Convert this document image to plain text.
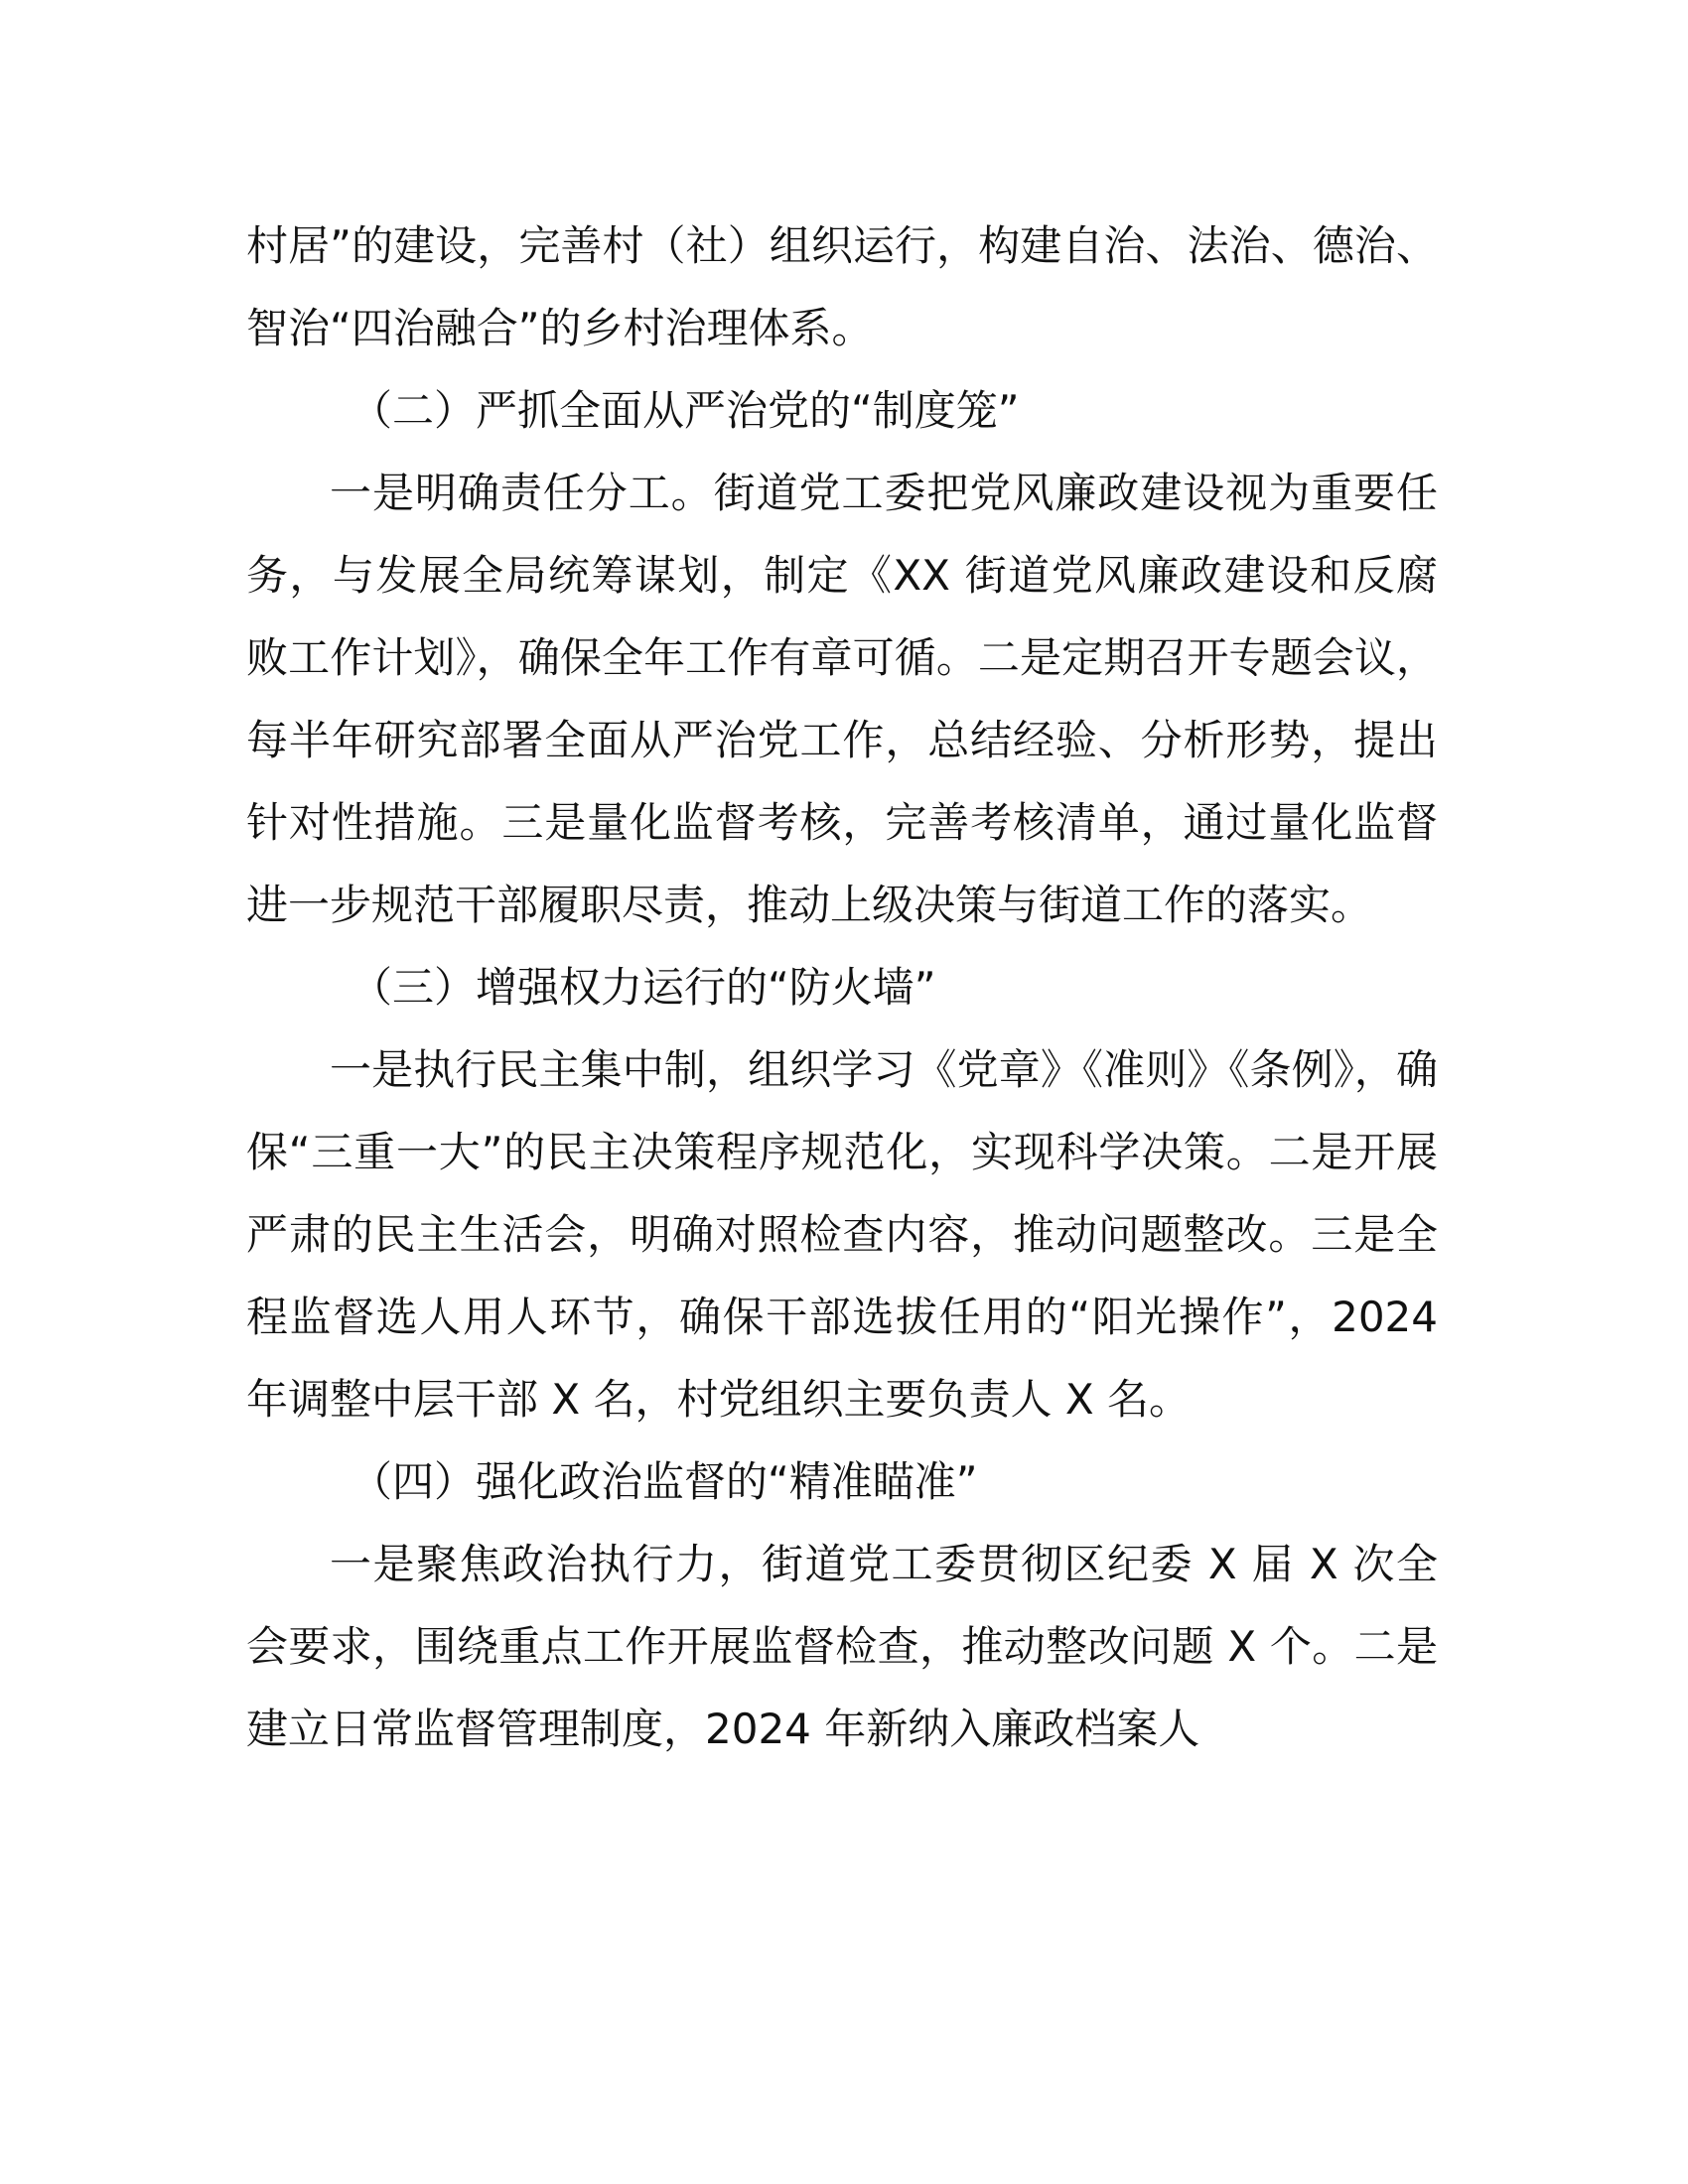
村居”的建设，完善村（社）组织运行，构建自治、法治、德治、智治“四治融合”的乡村治理体系。

（二）严抓全面从严治党的“制度笼”

一是明确责任分工。街道党工委把党风廉政建设视为重要任务，与发展全局统筹谋划，制定《XX 街道党风廉政建设和反腐败工作计划》，确保全年工作有章可循。二是定期召开专题会议，每半年研究部署全面从严治党工作，总结经验、分析形势，提出针对性措施。三是量化监督考核，完善考核清单，通过量化监督进一步规范干部履职尽责，推动上级决策与街道工作的落实。

（三）增强权力运行的“防火墙”

一是执行民主集中制，组织学习《党章》《准则》《条例》，确保“三重一大”的民主决策程序规范化，实现科学决策。二是开展严肃的民主生活会，明确对照检查内容，推动问题整改。三是全程监督选人用人环节，确保干部选拔任用的“阳光操作”，2024 年调整中层干部 X 名，村党组织主要负责人 X 名。

（四）强化政治监督的“精准瞄准”

一是聚焦政治执行力，街道党工委贯彻区纪委 X 届 X 次全会要求，围绕重点工作开展监督检查，推动整改问题 X 个。二是建立日常监督管理制度，2024 年新纳入廉政档案人
